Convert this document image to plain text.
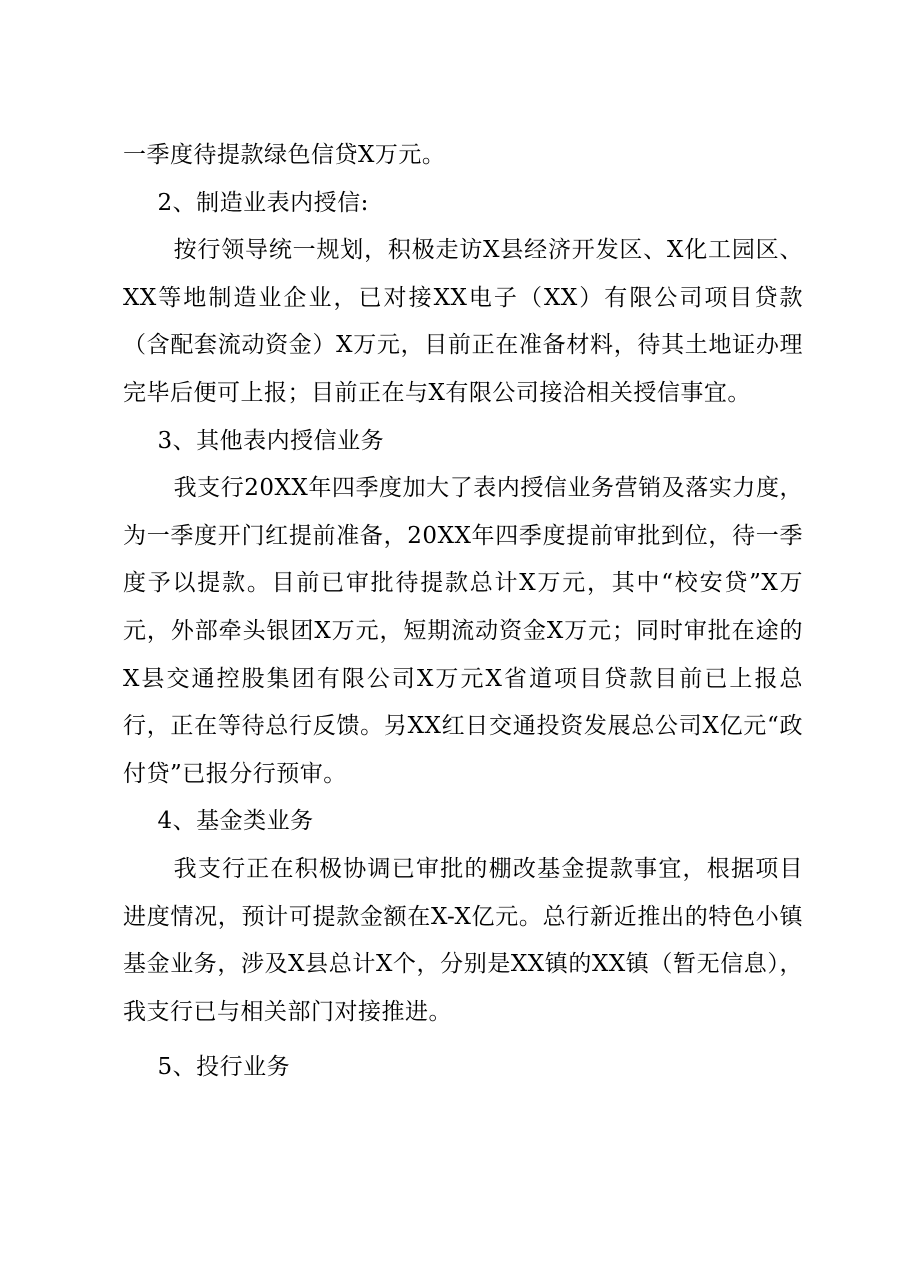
一季度待提款绿色信贷X万元。

2、制造业表内授信:

按行领导统一规划，积极走访X县经济开发区、X化工园区、XX等地制造业企业，已对接XX电子（XX）有限公司项目贷款（含配套流动资金）X万元，目前正在准备材料，待其土地证办理完毕后便可上报；目前正在与X有限公司接洽相关授信事宜。

3、其他表内授信业务

我支行20XX年四季度加大了表内授信业务营销及落实力度，为一季度开门红提前准备，20XX年四季度提前审批到位，待一季度予以提款。目前已审批待提款总计X万元，其中“校安贷”X万元，外部牵头银团X万元，短期流动资金X万元；同时审批在途的X县交通控股集团有限公司X万元X省道项目贷款目前已上报总行，正在等待总行反馈。另XX红日交通投资发展总公司X亿元“政付贷”已报分行预审。

4、基金类业务

我支行正在积极协调已审批的棚改基金提款事宜，根据项目进度情况，预计可提款金额在X-X亿元。总行新近推出的特色小镇基金业务，涉及X县总计X个，分别是XX镇的XX镇（暂无信息），我支行已与相关部门对接推进。

5、投行业务
